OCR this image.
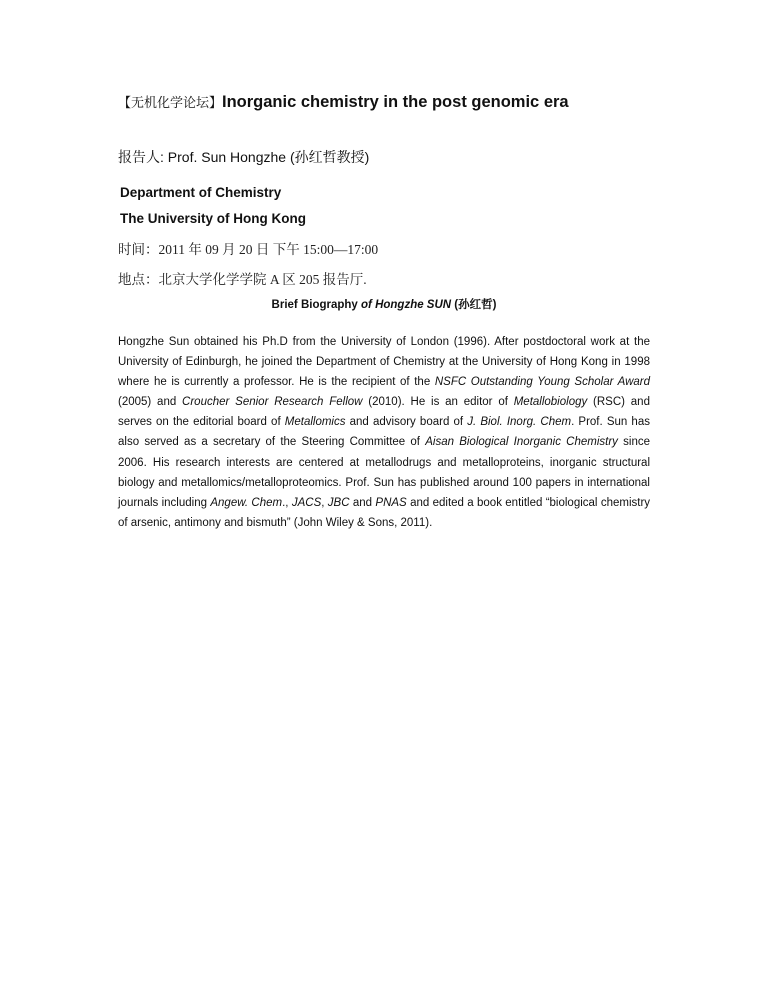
【无机化学论坛】Inorganic chemistry in the post genomic era
报告人: Prof. Sun Hongzhe (孙红哲教授)
Department of Chemistry
The University of Hong Kong
时间：2011 年 09 月 20 日 下午 15:00—17:00
地点：北京大学化学学院 A 区 205 报告厅.
Brief Biography of Hongzhe SUN (孙红哲)
Hongzhe Sun obtained his Ph.D from the University of London (1996). After postdoctoral work at the University of Edinburgh, he joined the Department of Chemistry at the University of Hong Kong in 1998 where he is currently a professor. He is the recipient of the NSFC Outstanding Young Scholar Award (2005) and Croucher Senior Research Fellow (2010). He is an editor of Metallobiology (RSC) and serves on the editorial board of Metallomics and advisory board of J. Biol. Inorg. Chem. Prof. Sun has also served as a secretary of the Steering Committee of Aisan Biological Inorganic Chemistry since 2006. His research interests are centered at metallodrugs and metalloproteins, inorganic structural biology and metallomics/metalloproteomics. Prof. Sun has published around 100 papers in international journals including Angew. Chem., JACS, JBC and PNAS and edited a book entitled “biological chemistry of arsenic, antimony and bismuth” (John Wiley & Sons, 2011).
